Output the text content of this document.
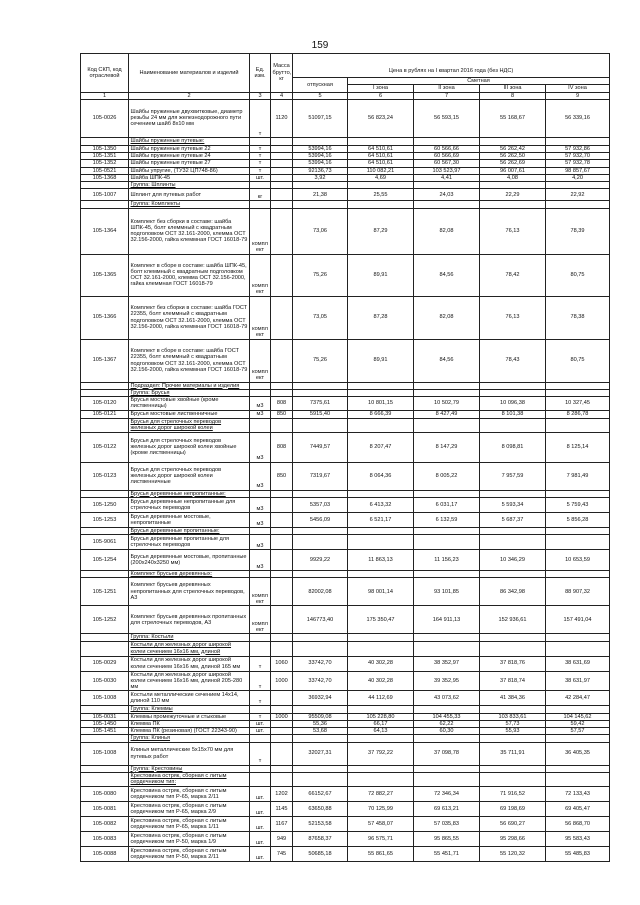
159
Код СКП, код отраслевой	Наименование материалов и изделий	Ед. изм.	Масса брутто, кг					
				Цена в рублях на I квартал 2016 года (без НДС)				
				отпускная	Сметная			
					I зона	II зона	III зона	IV зона
1	2	3	4	5	6	7	8	9
105-0026	Шайбы пружинные двухвитковые, диаметр резьбы 24 мм для железнодорожного пути сечением шайб 8х10 мм	т	1120	51097,15	56 823,24	56 593,15	55 168,67	56 339,16
	Шайбы пружинные путевые:							
105-1350	Шайбы пружинные путевые 22	т		53994,16	64 510,61	60 566,66	56 262,42	57 932,86
105-1351	Шайбы пружинные путевые 24	т		53994,16	64 510,61	60 566,69	56 262,50	57 932,70
105-1352	Шайбы пружинные путевые 27	т		53994,16	64 510,61	60 567,30	56 262,69	57 932,78
105-0521	Шайбы упругие, (ТУ32 ЦП748-86)	т		92136,73	110 082,21	103 523,97	96 007,61	98 857,67
105-1368	Шайба ШПК-45	шт.		3,92	4,69	4,41	4,08	4,20
	Группа: Шплинты							
105-1007	Шплинт для путевых работ	кг		21,38	25,55	24,03	22,29	22,92
	Группа: Комплекты							
105-1364	Комплект без сборки в составе: шайба ШПК-45, болт клеммный с квадратным подголовком ОСТ 32.161-2000, клемма ОСТ 32.156-2000, гайка клеммная ГОСТ 16018-79	компл ект		73,06	87,29	82,08	76,13	78,39
105-1365	Комплект в сборе в составе: шайба ШПК-45, болт клеммный с квадратным подголовком ОСТ 32.161-2000, клемма ОСТ 32.156-2000, гайка клеммная ГОСТ 16018-79	компл ект		75,26	89,91	84,56	78,42	80,75
105-1366	Комплект без сборки в составе: шайба ГОСТ 22355, болт клеммный с квадратным подголовком ОСТ 32.161-2000, клемма ОСТ 32.156-2000, гайка клеммная ГОСТ 16018-79	компл ект		73,05	87,28	82,08	76,13	78,38
105-1367	Комплект в сборе в составе: шайба ГОСТ 22355, болт клеммный с квадратным подголовком ОСТ 32.161-2000, клемма ОСТ 32.156-2000, гайка клеммная ГОСТ 16018-79	компл ект		75,26	89,91	84,56	78,43	80,75
	Подраздел: Прочие материалы и изделия							
	Группа: Брусья							
105-0120	Брусья мостовые хвойные (кроме лиственницы)	м3	808	7375,61	10 801,15	10 502,79	10 096,38	10 327,45
105-0121	Брусья мостовые лиственничные	м3	850	5915,40	8 666,39	8 427,49	8 101,38	8 286,78
	Брусья для стрелочных переводов железных дорог широкой колеи							
105-0122	Брусья для стрелочных переводов железных дорог широкой колеи хвойные (кроме лиственницы)	м3	808	7449,57	8 207,47	8 147,29	8 098,81	8 125,14
105-0123	Брусья для стрелочных переводов железных дорог широкой колеи лиственничные	м3	850	7319,67	8 064,36	8 005,22	7 957,59	7 981,49
	Брусья деревянные непропитанные:							
105-1250	Брусья деревянные непропитанные для стрелочных переводов	м3		5357,03	6 413,32	6 031,17	5 593,34	5 759,43
105-1253	Брусья деревянные мостовые, непропитанные	м3		5456,09	6 521,17	6 132,59	5 687,37	5 856,28
	Брусья деревянные пропитанные:							
105-9061	Брусья деревянные пропитанные для стрелочных переводов	м3						
105-1254	Брусья деревянные мостовые, пропитанные (200х240х3250 мм)	м3		9929,22	11 863,13	11 156,23	10 346,29	10 653,59
	Комплект брусьев деревянных:							
105-1251	Комплект брусьев деревянных непропитанных для стрелочных переводов, А3	компл ект		82002,08	98 001,14	93 101,85	86 342,98	88 907,32
105-1252	Комплект брусьев деревянных пропитанных для стрелочных переводов, А3	компл ект		146773,40	175 350,47	164 911,13	152 936,61	157 491,04
	Группа: Костыли							
	Костыли для железных дорог широкой колеи сечением 16х16 мм, длиной							
105-0029	Костыли для железных дорог широкой колеи сечением 16х16 мм, длиной 165 мм	т	1060	33742,70	40 302,28	38 352,97	37 818,76	38 631,69
105-0030	Костыли для железных дорог широкой колеи сечением 16х16 мм, длиной 205-280 мм	т	1000	33742,70	40 302,28	39 352,95	37 818,74	38 631,97
105-1008	Костыли металлические сечением 14х14, длиной 110 мм	т		36932,94	44 112,69	43 073,62	41 384,36	42 284,47
	Группа: Клеммы							
105-0031	Клеммы промежуточные и стыковые	т	1000	95509,08	105 228,80	104 455,33	103 833,61	104 145,62
105-1450	Клемма ПК	шт.		55,36	66,17	62,22	57,73	59,42
105-1451	Клемма ПК (резиновая) (ГОСТ 22343-90)	шт.		53,68	64,13	60,30	55,93	57,57
	Группа: Клинья							
105-1008	Клинья металлические 5х15х70 мм для путевых работ	т		32027,31	37 792,22	37 098,78	35 711,91	36 405,35
	Группа: Крестовины							
	Крестовина остряк, сборная с литым сердечником тип:							
105-0080	Крестовина остряк, сборная с литым сердечником тип Р-65, марка 2/11	шт.	1202	66152,67	72 882,27	72 346,34	71 916,52	72 133,43
105-0081	Крестовина остряк, сборная с литым сердечником тип Р-65, марка 2/9	шт.	1145	63650,88	70 125,99	69 613,21	69 198,69	69 405,47
105-0082	Крестовина остряк, сборная с литым сердечником тип Р-65, марка 1/11	шт.	1167	52153,58	57 458,07	57 035,83	56 690,27	56 868,70
105-0083	Крестовина остряк, сборная с литым сердечником тип Р-50, марка 1/9	шт.	949	87658,37	96 575,71	95 865,55	95 298,66	95 583,43
105-0088	Крестовина остряк, сборная с литым сердечником тип Р-50, марка 2/11	шт.	745	50685,18	55 861,65	55 451,71	55 120,32	55 485,83
